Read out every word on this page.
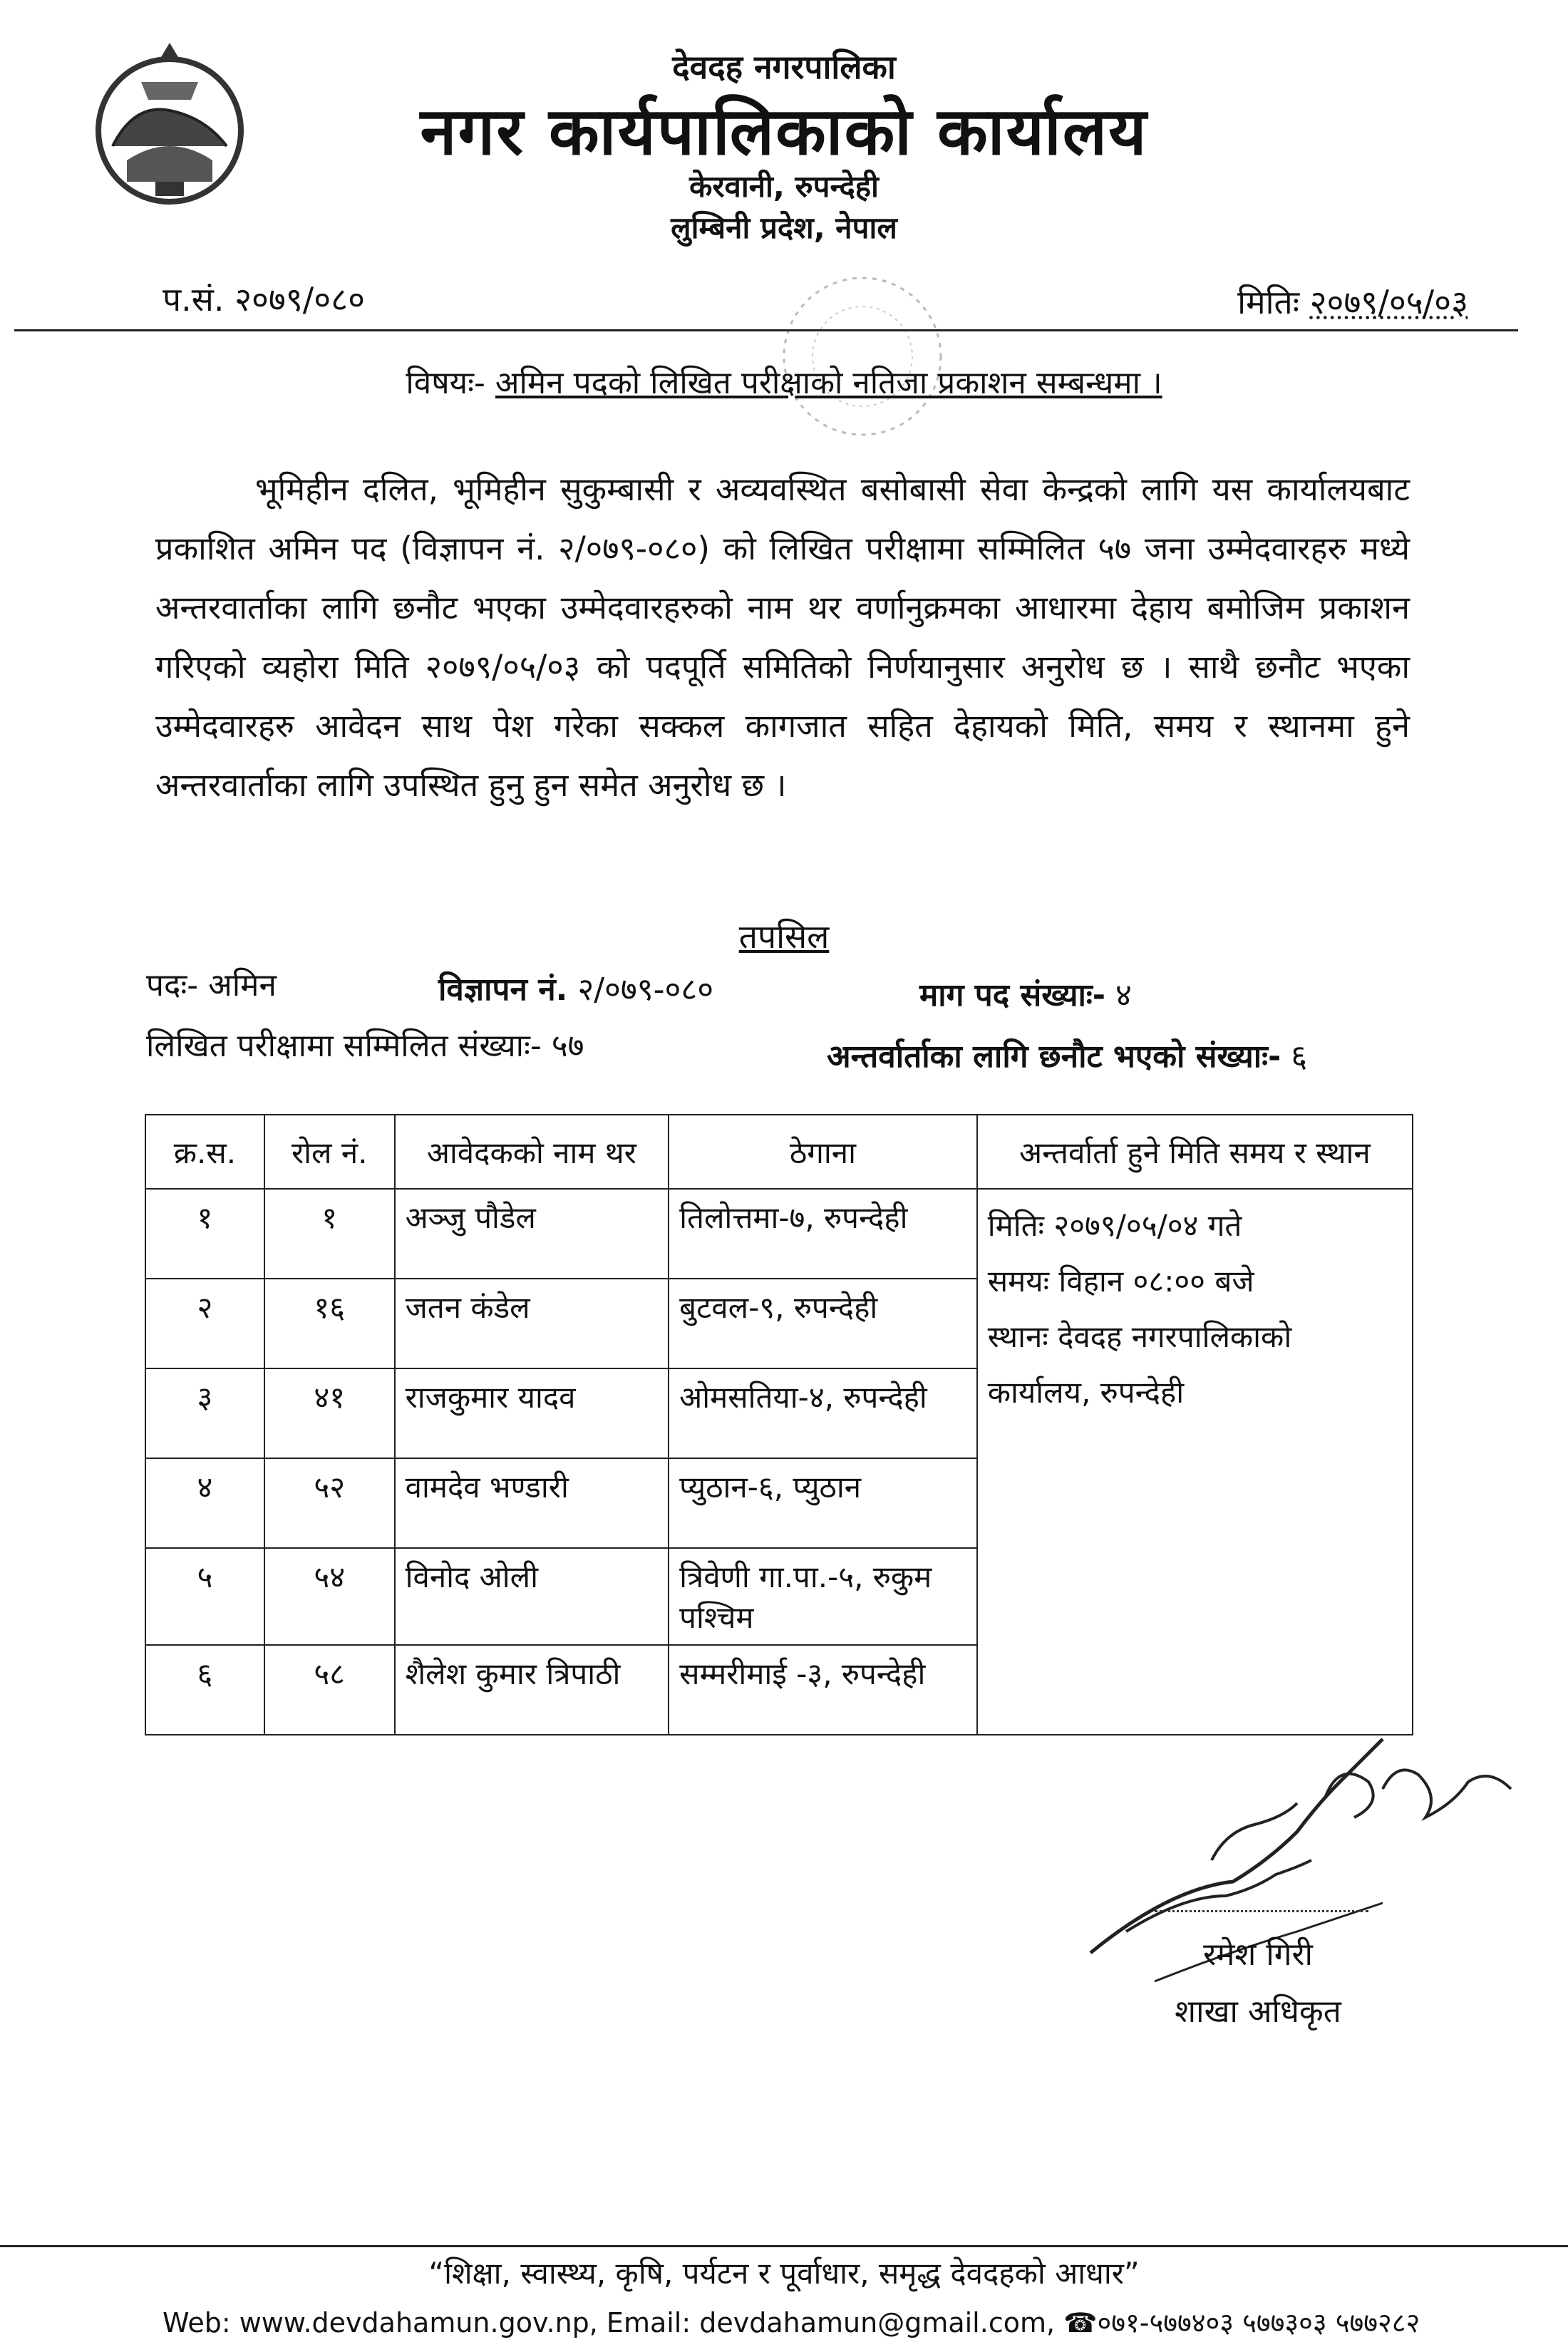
देवदह नगरपालिका
नगर कार्यपालिकाको कार्यालय
केरवानी, रुपन्देही
लुम्बिनी प्रदेश, नेपाल
प.सं. २०७९/०८०	मितिः २०७९/०५/०३
विषयः- अमिन पदको लिखित परीक्षाको नतिजा प्रकाशन सम्बन्धमा ।
भूमिहीन दलित, भूमिहीन सुकुम्बासी र अव्यवस्थित बसोबासी सेवा केन्द्रको लागि यस कार्यालयबाट प्रकाशित अमिन पद (विज्ञापन नं. २/०७९-०८०) को लिखित परीक्षामा सम्मिलित ५७ जना उम्मेदवारहरु मध्ये अन्तरवार्ताका लागि छनौट भएका उम्मेदवारहरुको नाम थर वर्णानुक्रमका आधारमा देहाय बमोजिम प्रकाशन गरिएको व्यहोरा मिति २०७९/०५/०३ को पदपूर्ति समितिको निर्णयानुसार अनुरोध छ । साथै छनौट भएका उम्मेदवारहरु आवेदन साथ पेश गरेका सक्कल कागजात सहित देहायको मिति, समय र स्थानमा हुने अन्तरवार्ताका लागि उपस्थित हुनु हुन समेत अनुरोध छ ।
तपसिल
पदः- अमिन	विज्ञापन नं. २/०७९-०८०	माग पद संख्याः- ४
लिखित परीक्षामा सम्मिलित संख्याः- ५७	अन्तर्वार्ताका लागि छनौट भएको संख्याः- ६
क्र.स.	रोल नं.	आवेदकको नाम थर	ठेगाना	अन्तर्वार्ता हुने मिति समय र स्थान
१	१	अञ्जु पौडेल	तिलोत्तमा-७, रुपन्देही	मितिः २०७९/०५/०४ गते
समयः विहान ०८:०० बजे
स्थानः देवदह नगरपालिकाको कार्यालय, रुपन्देही

२	१६	जतन कंडेल	बुटवल-९, रुपन्देही	
३	४१	राजकुमार यादव	ओमसतिया-४, रुपन्देही	
४	५२	वामदेव भण्डारी	प्युठान-६, प्युठान	
५	५४	विनोद ओली	त्रिवेणी गा.पा.-५, रुकुम पश्चिम	
६	५८	शैलेश कुमार त्रिपाठी	सम्मरीमाई -३, रुपन्देही	
रमेश गिरी
शाखा अधिकृत
“शिक्षा, स्वास्थ्य, कृषि, पर्यटन र पूर्वाधार, समृद्ध देवदहको आधार”
Web: www.devdahamun.gov.np, Email: devdahamun@gmail.com, ☎०७१-५७७४०३ ५७७३०३ ५७७२८२
